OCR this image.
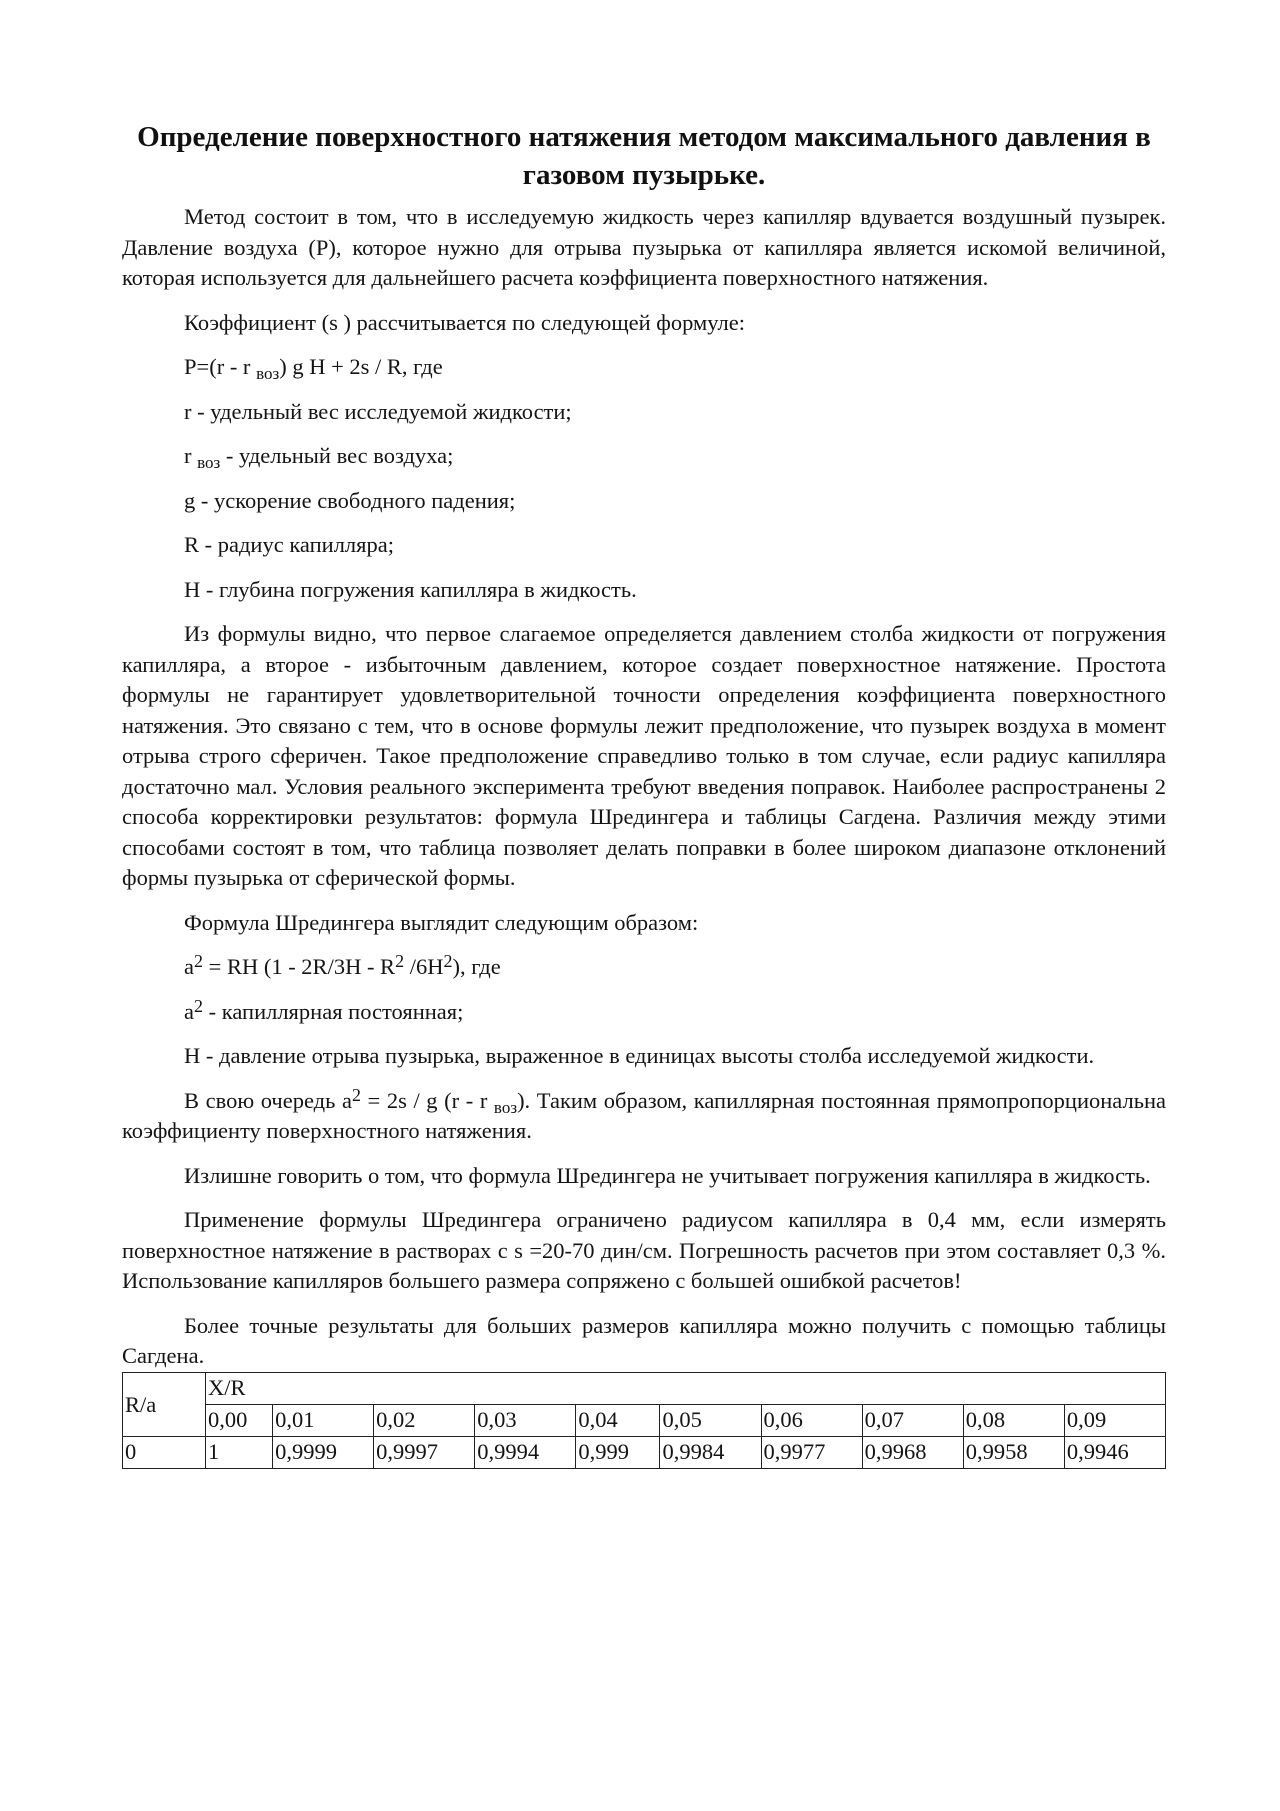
Определение поверхностного натяжения методом максимального давления в газовом пузырьке.

Метод состоит в том, что в исследуемую жидкость через капилляр вдувается воздушный пузырек. Давление воздуха (Р), которое нужно для отрыва пузырька от капилляра является искомой величиной, которая используется для дальнейшего расчета коэффициента поверхностного натяжения.

Коэффициент (s ) рассчитывается по следующей формуле:

Р=(r - r $_{воз}$) g H + 2s / R, где

r - удельный вес исследуемой жидкости;

r $_{воз}$ - удельный вес воздуха;

g - ускорение свободного падения;

R - радиус капилляра;

H - глубина погружения капилляра в жидкость.

Из формулы видно, что первое слагаемое определяется давлением столба жидкости от погружения капилляра, а второе - избыточным давлением, которое создает поверхностное натяжение. Простота формулы не гарантирует удовлетворительной точности определения коэффициента поверхностного натяжения. Это связано с тем, что в основе формулы лежит предположение, что пузырек воздуха в момент отрыва строго сферичен. Такое предположение справедливо только в том случае, если радиус капилляра достаточно мал. Условия реального эксперимента требуют введения поправок. Наиболее распространены 2 способа корректировки результатов: формула Шредингера и таблицы Сагдена. Различия между этими способами состоят в том, что таблица позволяет делать поправки в более широком диапазоне отклонений формы пузырька от сферической формы.

Формула Шредингера выглядит следующим образом:

$a^2$ = RH ($1 - 2R/3H - R^2$ $/6H^2$), где

$a^2$ - капиллярная постоянная;

H - давление отрыва пузырька, выраженное в единицах высоты столба исследуемой жидкости.

В свою очередь $a^2 = 2s / g$ (r - r $_{воз}$). Таким образом, капиллярная постоянная прямопропорциональна коэффициенту поверхностного натяжения.

Излишне говорить о том, что формула Шредингера не учитывает погружения капилляра в жидкость.

Применение формулы Шредингера ограничено радиусом капилляра в 0,4 мм, если измерять поверхностное натяжение в растворах с s =20-70 дин/см. Погрешность расчетов при этом составляет 0,3 %. Использование капилляров большего размера сопряжено с большей ошибкой расчетов!

Более точные результаты для больших размеров капилляра можно получить с помощью таблицы Сагдена.

R/a	X/R									
	0,00	0,01	0,02	0,03	0,04	0,05	0,06	0,07	0,08	0,09
0	1	0,9999	0,9997	0,9994	0,999	0,9984	0,9977	0,9968	0,9958	0,9946
